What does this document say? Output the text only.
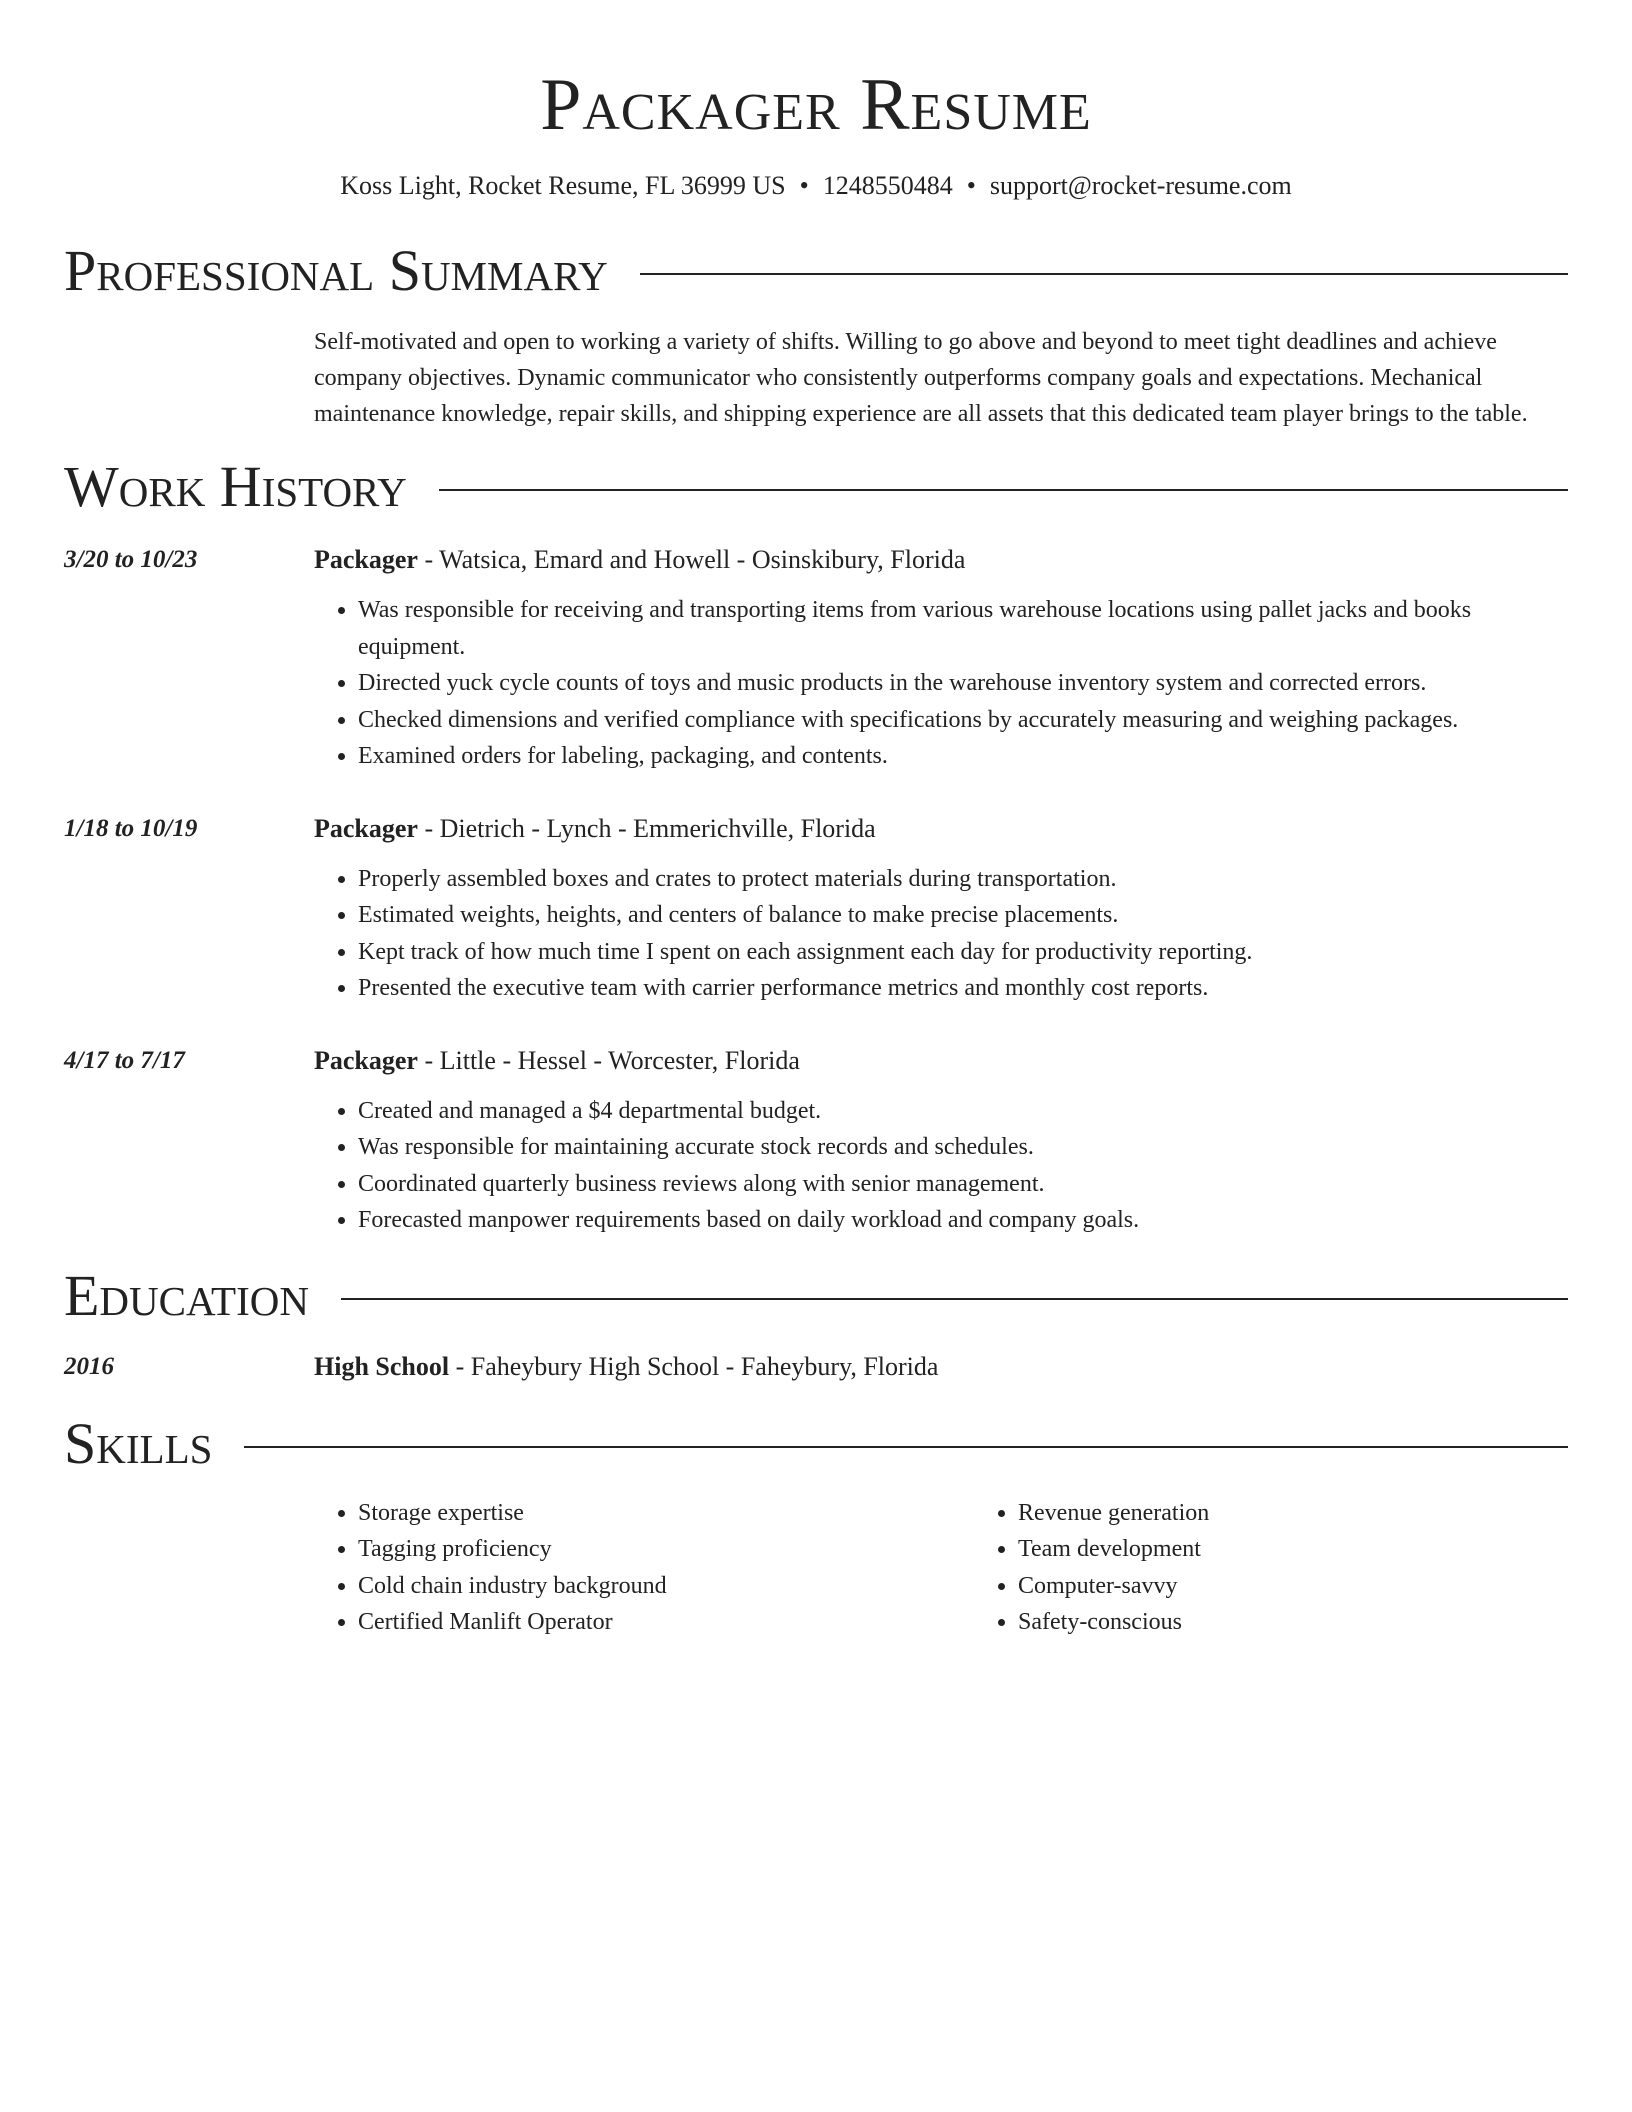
Packager Resume
Koss Light, Rocket Resume, FL 36999 US • 1248550484 • support@rocket-resume.com
Professional Summary
Self-motivated and open to working a variety of shifts. Willing to go above and beyond to meet tight deadlines and achieve company objectives. Dynamic communicator who consistently outperforms company goals and expectations. Mechanical maintenance knowledge, repair skills, and shipping experience are all assets that this dedicated team player brings to the table.
Work History
3/20 to 10/23	Packager - Watsica, Emard and Howell - Osinskibury, Florida
• Was responsible for receiving and transporting items from various warehouse locations using pallet jacks and books equipment.
• Directed yuck cycle counts of toys and music products in the warehouse inventory system and corrected errors.
• Checked dimensions and verified compliance with specifications by accurately measuring and weighing packages.
• Examined orders for labeling, packaging, and contents.
1/18 to 10/19	Packager - Dietrich - Lynch - Emmerichville, Florida
• Properly assembled boxes and crates to protect materials during transportation.
• Estimated weights, heights, and centers of balance to make precise placements.
• Kept track of how much time I spent on each assignment each day for productivity reporting.
• Presented the executive team with carrier performance metrics and monthly cost reports.
4/17 to 7/17	Packager - Little - Hessel - Worcester, Florida
• Created and managed a $4 departmental budget.
• Was responsible for maintaining accurate stock records and schedules.
• Coordinated quarterly business reviews along with senior management.
• Forecasted manpower requirements based on daily workload and company goals.
Education
2016	High School - Faheybury High School - Faheybury, Florida
Skills
• Storage expertise
• Tagging proficiency
• Cold chain industry background
• Certified Manlift Operator
• Revenue generation
• Team development
• Computer-savvy
• Safety-conscious
